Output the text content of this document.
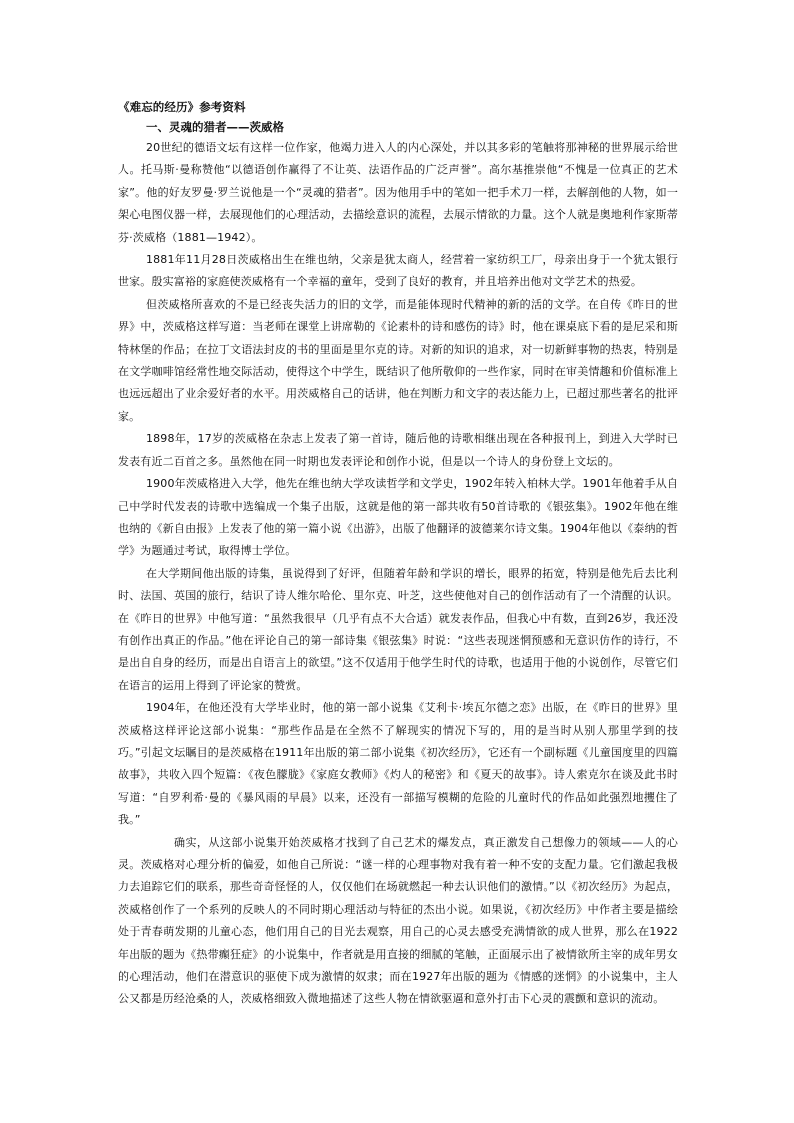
《难忘的经历》参考资料

一、灵魂的猎者——茨威格

20世纪的德语文坛有这样一位作家，他竭力进入人的内心深处，并以其多彩的笔触将那神秘的世界展示给世人。托马斯·曼称赞他“以德语创作赢得了不让英、法语作品的广泛声誉”。高尔基推崇他“不愧是一位真正的艺术家”。他的好友罗曼·罗兰说他是一个“灵魂的猎者”。因为他用手中的笔如一把手术刀一样，去解剖他的人物，如一架心电图仪器一样，去展现他们的心理活动，去描绘意识的流程，去展示情欲的力量。这个人就是奥地利作家斯蒂芬·茨威格（1881—1942）。

1881年11月28日茨威格出生在维也纳，父亲是犹太商人，经营着一家纺织工厂，母亲出身于一个犹太银行世家。殷实富裕的家庭使茨威格有一个幸福的童年，受到了良好的教育，并且培养出他对文学艺术的热爱。

但茨威格所喜欢的不是已经丧失活力的旧的文学，而是能体现时代精神的新的活的文学。在自传《昨日的世界》中，茨威格这样写道：当老师在课堂上讲席勒的《论素朴的诗和感伤的诗》时，他在课桌底下看的是尼采和斯特林堡的作品；在拉丁文语法封皮的书的里面是里尔克的诗。对新的知识的追求，对一切新鲜事物的热衷，特别是在文学咖啡馆经常性地交际活动，使得这个中学生，既结识了他所敬仰的一些作家，同时在审美情趣和价值标准上也远远超出了业余爱好者的水平。用茨威格自己的话讲，他在判断力和文字的表达能力上，已超过那些著名的批评家。

1898年，17岁的茨威格在杂志上发表了第一首诗，随后他的诗歌相继出现在各种报刊上，到进入大学时已发表有近二百首之多。虽然他在同一时期也发表评论和创作小说，但是以一个诗人的身份登上文坛的。

1900年茨威格进入大学，他先在维也纳大学攻读哲学和文学史，1902年转入柏林大学。1901年他着手从自己中学时代发表的诗歌中选编成一个集子出版，这就是他的第一部共收有50首诗歌的《银弦集》。1902年他在维也纳的《新自由报》上发表了他的第一篇小说《出游》，出版了他翻译的波德莱尔诗文集。1904年他以《泰纳的哲学》为题通过考试，取得博士学位。

在大学期间他出版的诗集，虽说得到了好评，但随着年龄和学识的增长，眼界的拓宽，特别是他先后去比利时、法国、英国的旅行，结识了诗人维尔哈伦、里尔克、叶芝，这些使他对自己的创作活动有了一个清醒的认识。在《昨日的世界》中他写道：“虽然我很早（几乎有点不大合适）就发表作品，但我心中有数，直到26岁，我还没有创作出真正的作品。”他在评论自己的第一部诗集《银弦集》时说：“这些表现迷惘预感和无意识仿作的诗行，不是出自自身的经历，而是出自语言上的欲望。”这不仅适用于他学生时代的诗歌，也适用于他的小说创作，尽管它们在语言的运用上得到了评论家的赞赏。

1904年，在他还没有大学毕业时，他的第一部小说集《艾利卡·埃瓦尔德之恋》出版，在《昨日的世界》里茨威格这样评论这部小说集：“那些作品是在全然不了解现实的情况下写的，用的是当时从别人那里学到的技巧。”引起文坛瞩目的是茨威格在1911年出版的第二部小说集《初次经历》，它还有一个副标题《儿童国度里的四篇故事》，共收入四个短篇：《夜色朦胧》《家庭女教师》《灼人的秘密》和《夏天的故事》。诗人索克尔在谈及此书时写道：“自罗利希·曼的《暴风雨的早晨》以来，还没有一部描写模糊的危险的儿童时代的作品如此强烈地攫住了我。”

确实，从这部小说集开始茨威格才找到了自己艺术的爆发点，真正激发自己想像力的领域——人的心灵。茨威格对心理分析的偏爱，如他自己所说：“谜一样的心理事物对我有着一种不安的支配力量。它们激起我极力去追踪它们的联系，那些奇奇怪怪的人，仅仅他们在场就燃起一种去认识他们的激情。”以《初次经历》为起点，茨威格创作了一个系列的反映人的不同时期心理活动与特征的杰出小说。如果说，《初次经历》中作者主要是描绘处于青春萌发期的儿童心态，他们用自己的目光去观察，用自己的心灵去感受充满情欲的成人世界，那么在1922年出版的题为《热带癫狂症》的小说集中，作者就是用直接的细腻的笔触，正面展示出了被情欲所主宰的成年男女的心理活动，他们在潜意识的驱使下成为激情的奴隶；而在1927年出版的题为《情感的迷惘》的小说集中，主人公又都是历经沧桑的人，茨威格细致入微地描述了这些人物在情欲驱逼和意外打击下心灵的震颤和意识的流动。
